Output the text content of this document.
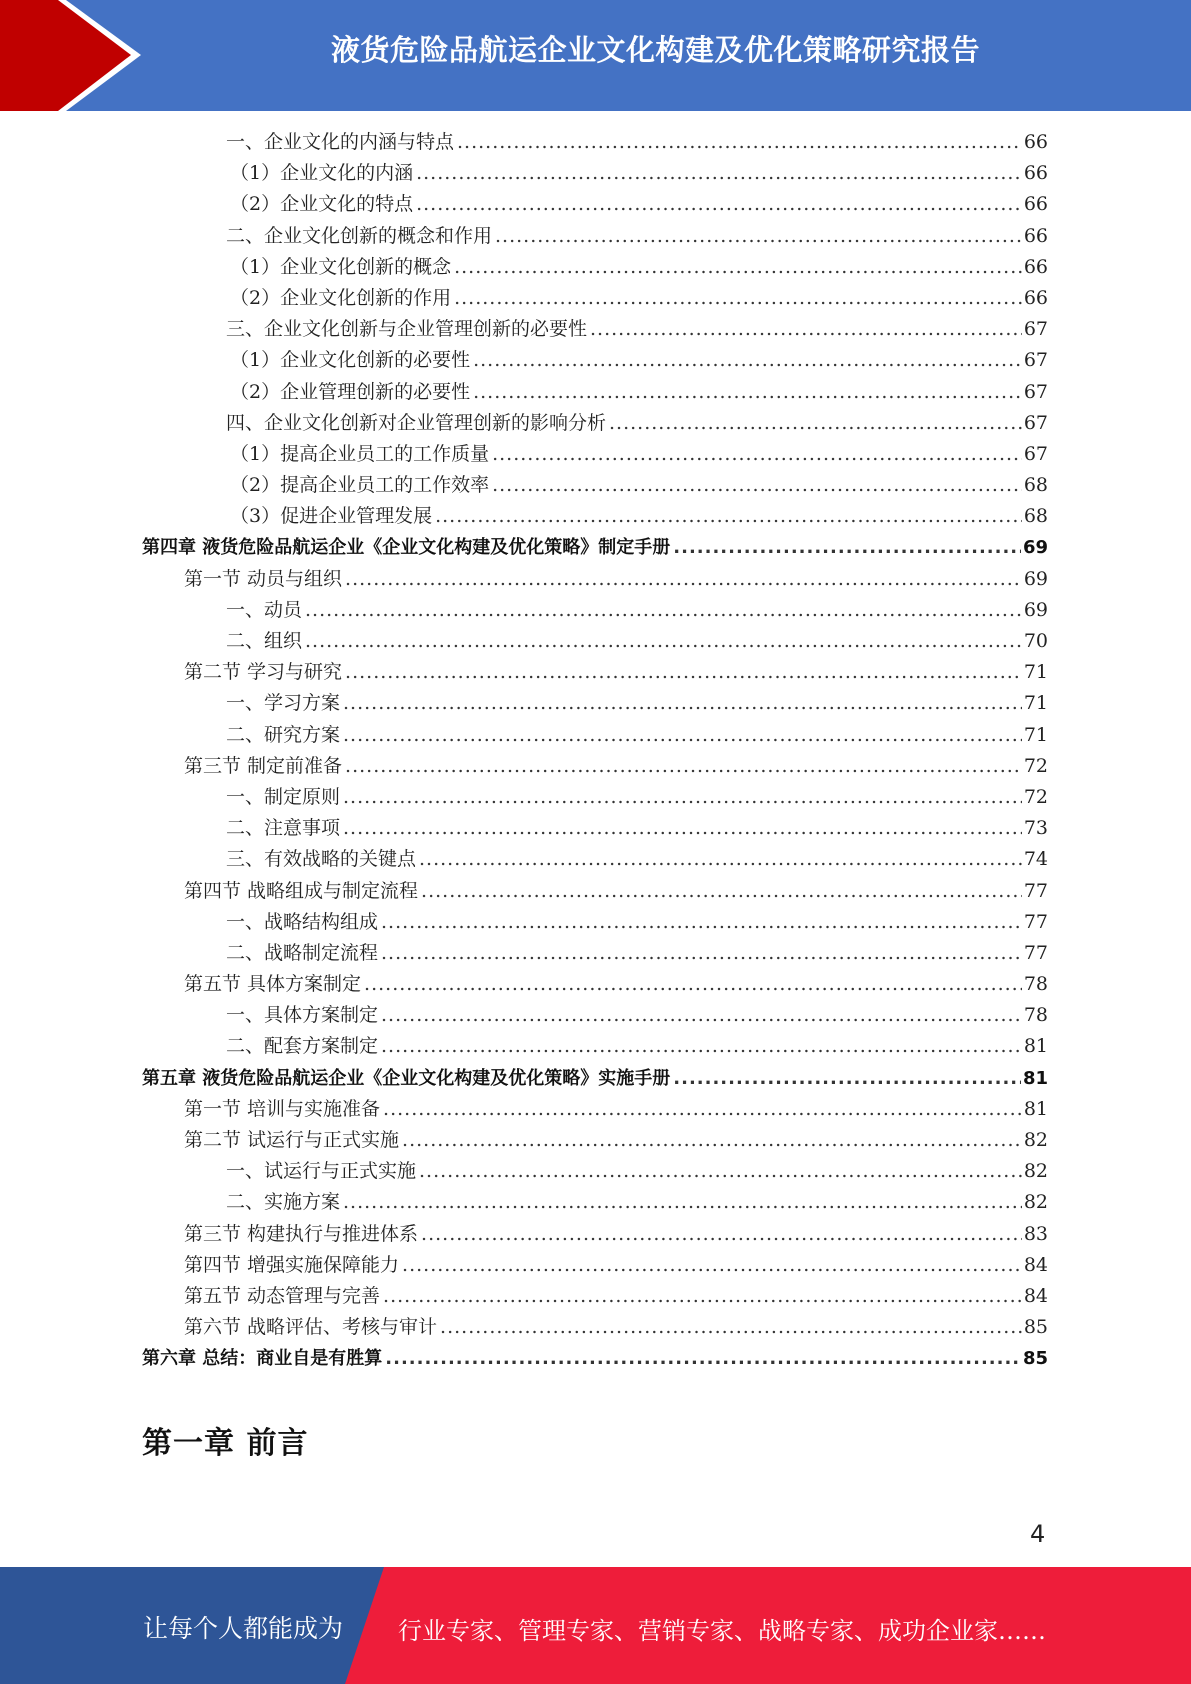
液货危险品航运企业文化构建及优化策略研究报告
一、企业文化的内涵与特点 .....	66
（1）企业文化的内涵 .....	66
（2）企业文化的特点 .....	66
二、企业文化创新的概念和作用 .....	66
（1）企业文化创新的概念 .....	66
（2）企业文化创新的作用 .....	66
三、企业文化创新与企业管理创新的必要性 .....	67
（1）企业文化创新的必要性 .....	67
（2）企业管理创新的必要性 .....	67
四、企业文化创新对企业管理创新的影响分析 .....	67
（1）提高企业员工的工作质量 .....	67
（2）提高企业员工的工作效率 .....	68
（3）促进企业管理发展 .....	68
第四章 液货危险品航运企业《企业文化构建及优化策略》制定手册 .....	69
第一节 动员与组织 .....	69
一、动员 .....	69
二、组织 .....	70
第二节 学习与研究 .....	71
一、学习方案 .....	71
二、研究方案 .....	71
第三节 制定前准备 .....	72
一、制定原则 .....	72
二、注意事项 .....	73
三、有效战略的关键点 .....	74
第四节 战略组成与制定流程 .....	77
一、战略结构组成 .....	77
二、战略制定流程 .....	77
第五节 具体方案制定 .....	78
一、具体方案制定 .....	78
二、配套方案制定 .....	81
第五章 液货危险品航运企业《企业文化构建及优化策略》实施手册 .....	81
第一节 培训与实施准备 .....	81
第二节 试运行与正式实施 .....	82
一、试运行与正式实施 .....	82
二、实施方案 .....	82
第三节 构建执行与推进体系 .....	83
第四节 增强实施保障能力 .....	84
第五节 动态管理与完善 .....	84
第六节 战略评估、考核与审计 .....	85
第六章 总结：商业自是有胜算 .....	85
第一章 前言
4
让每个人都能成为 行业专家、管理专家、营销专家、战略专家、成功企业家……
